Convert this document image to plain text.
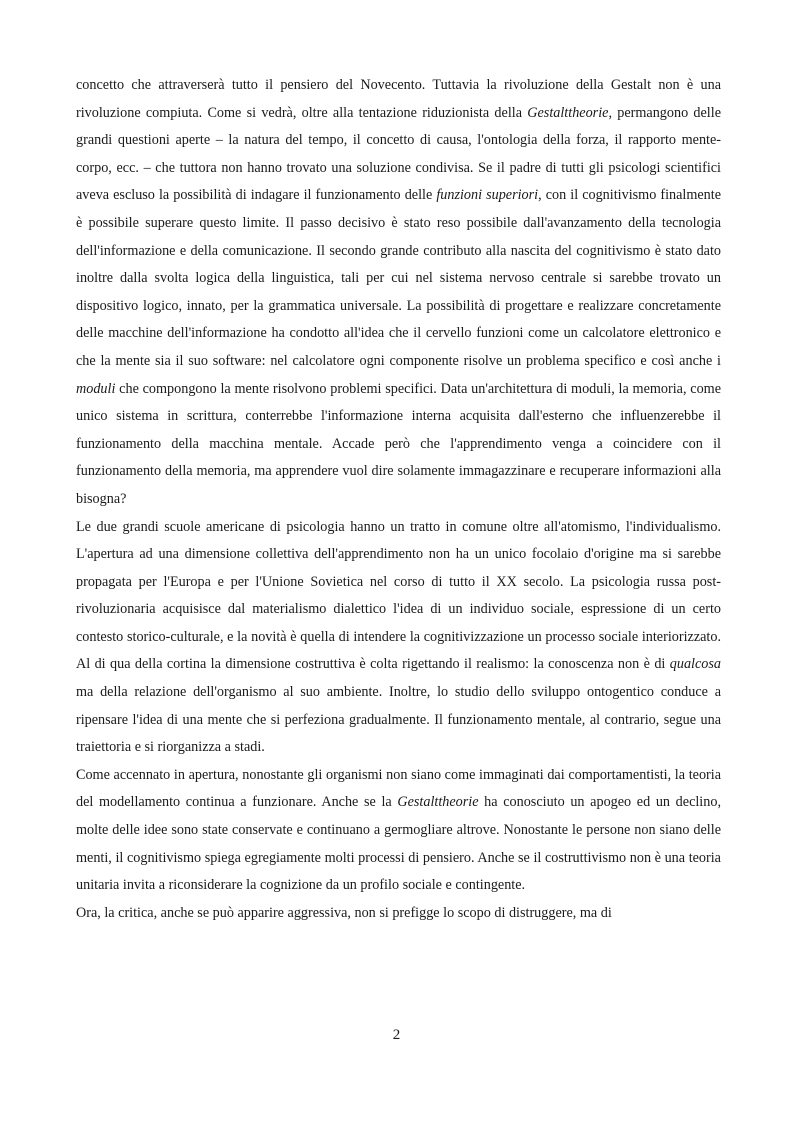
concetto che attraverserà tutto il pensiero del Novecento. Tuttavia la rivoluzione della Gestalt non è una rivoluzione compiuta. Come si vedrà, oltre alla tentazione riduzionista della Gestalttheorie, permangono delle grandi questioni aperte – la natura del tempo, il concetto di causa, l'ontologia della forza, il rapporto mente-corpo, ecc. – che tuttora non hanno trovato una soluzione condivisa. Se il padre di tutti gli psicologi scientifici aveva escluso la possibilità di indagare il funzionamento delle funzioni superiori, con il cognitivismo finalmente è possibile superare questo limite. Il passo decisivo è stato reso possibile dall'avanzamento della tecnologia dell'informazione e della comunicazione. Il secondo grande contributo alla nascita del cognitivismo è stato dato inoltre dalla svolta logica della linguistica, tali per cui nel sistema nervoso centrale si sarebbe trovato un dispositivo logico, innato, per la grammatica universale. La possibilità di progettare e realizzare concretamente delle macchine dell'informazione ha condotto all'idea che il cervello funzioni come un calcolatore elettronico e che la mente sia il suo software: nel calcolatore ogni componente risolve un problema specifico e così anche i moduli che compongono la mente risolvono problemi specifici. Data un'architettura di moduli, la memoria, come unico sistema in scrittura, conterrebbe l'informazione interna acquisita dall'esterno che influenzerebbe il funzionamento della macchina mentale. Accade però che l'apprendimento venga a coincidere con il funzionamento della memoria, ma apprendere vuol dire solamente immagazzinare e recuperare informazioni alla bisogna?

Le due grandi scuole americane di psicologia hanno un tratto in comune oltre all'atomismo, l'individualismo. L'apertura ad una dimensione collettiva dell'apprendimento non ha un unico focolaio d'origine ma si sarebbe propagata per l'Europa e per l'Unione Sovietica nel corso di tutto il XX secolo. La psicologia russa post-rivoluzionaria acquisisce dal materialismo dialettico l'idea di un individuo sociale, espressione di un certo contesto storico-culturale, e la novità è quella di intendere la cognitivizzazione un processo sociale interiorizzato. Al di qua della cortina la dimensione costruttiva è colta rigettando il realismo: la conoscenza non è di qualcosa ma della relazione dell'organismo al suo ambiente. Inoltre, lo studio dello sviluppo ontogentico conduce a ripensare l'idea di una mente che si perfeziona gradualmente. Il funzionamento mentale, al contrario, segue una traiettoria e si riorganizza a stadi.

Come accennato in apertura, nonostante gli organismi non siano come immaginati dai comportamentisti, la teoria del modellamento continua a funzionare. Anche se la Gestalttheorie ha conosciuto un apogeo ed un declino, molte delle idee sono state conservate e continuano a germogliare altrove. Nonostante le persone non siano delle menti, il cognitivismo spiega egregiamente molti processi di pensiero. Anche se il costruttivismo non è una teoria unitaria invita a riconsiderare la cognizione da un profilo sociale e contingente.

Ora, la critica, anche se può apparire aggressiva, non si prefigge lo scopo di distruggere, ma di

2
